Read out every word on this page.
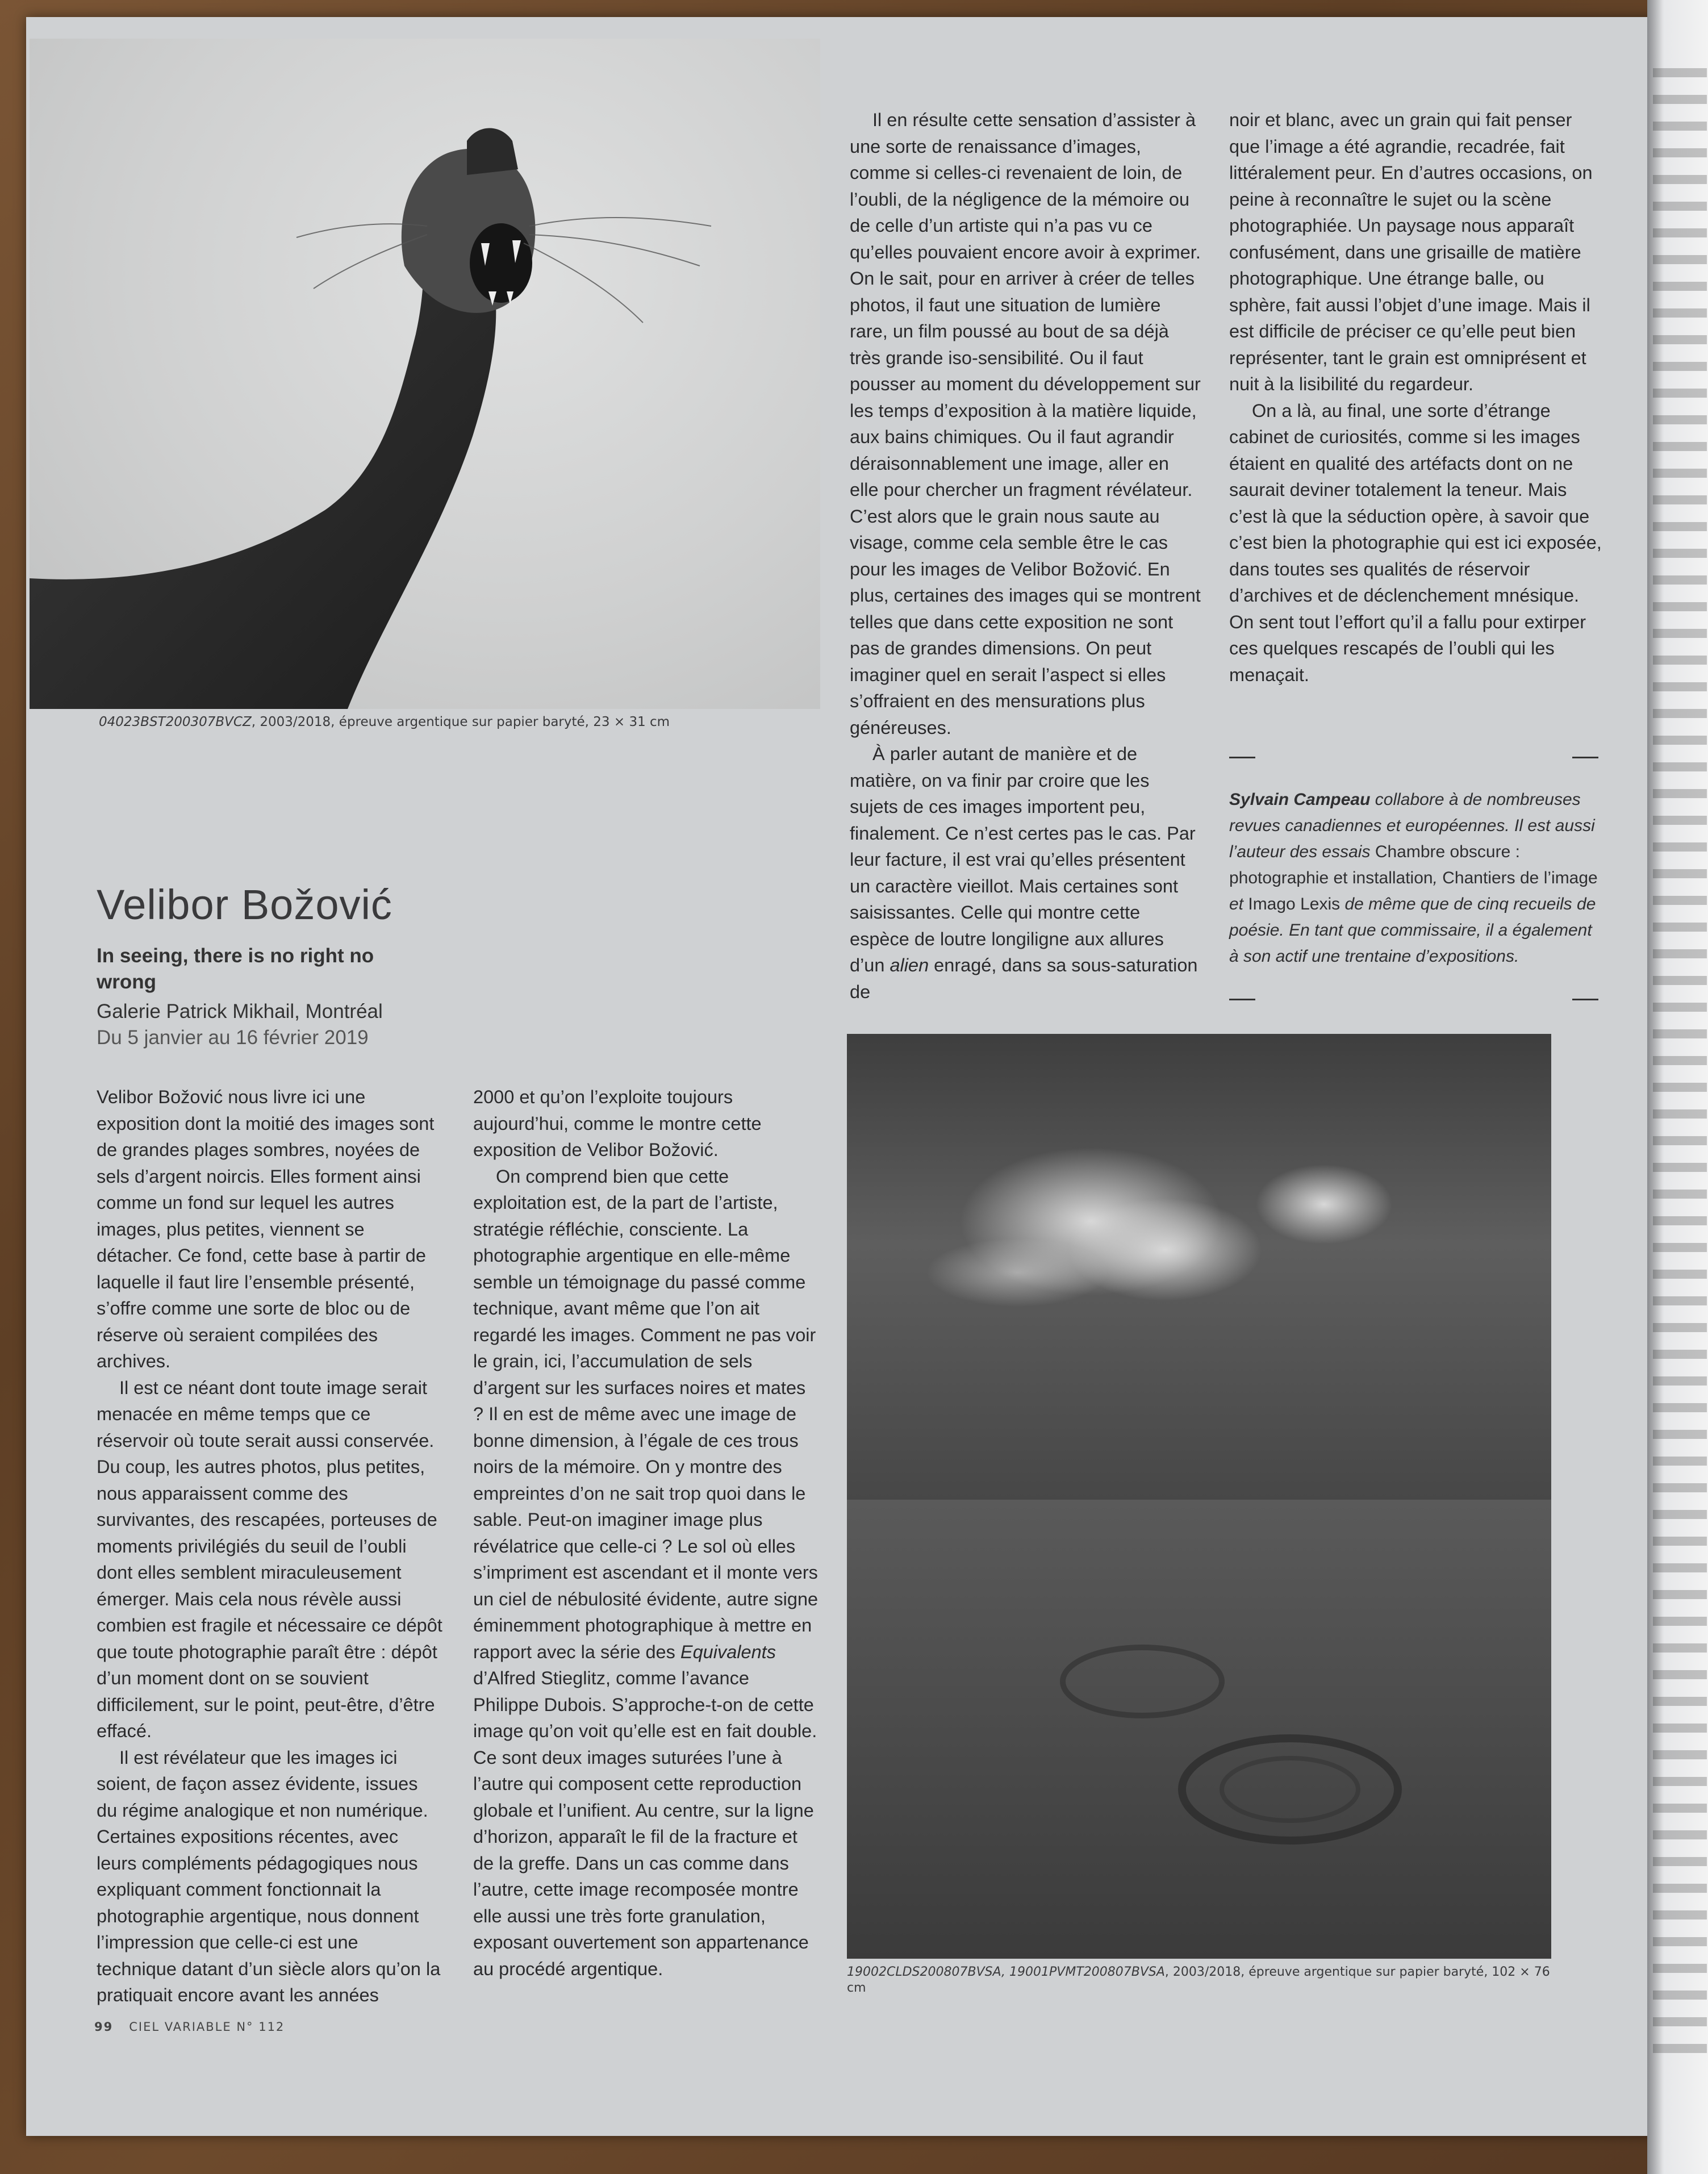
04023BST200307BVCZ, 2003/2018, épreuve argentique sur papier baryté, 23 × 31 cm
Velibor Božović
In seeing, there is no right no wrong
Galerie Patrick Mikhail, Montréal
Du 5 janvier au 16 février 2019

Velibor Božović nous livre ici une exposition dont la moitié des images sont de grandes plages sombres, noyées de sels d’argent noircis. Elles forment ainsi comme un fond sur lequel les autres images, plus petites, viennent se détacher. Ce fond, cette base à partir de laquelle il faut lire l’ensemble présenté, s’offre comme une sorte de bloc ou de réserve où seraient compilées des archives.

Il est ce néant dont toute image serait menacée en même temps que ce réservoir où toute serait aussi conservée. Du coup, les autres photos, plus petites, nous apparaissent comme des survivantes, des rescapées, porteuses de moments privilégiés du seuil de l’oubli dont elles semblent miraculeusement émerger. Mais cela nous révèle aussi combien est fragile et nécessaire ce dépôt que toute photographie paraît être : dépôt d’un moment dont on se souvient difficilement, sur le point, peut-être, d’être effacé.

Il est révélateur que les images ici soient, de façon assez évidente, issues du régime analogique et non numérique. Certaines expositions récentes, avec leurs compléments pédagogiques nous expliquant comment fonctionnait la photographie argentique, nous donnent l’impression que celle-ci est une technique datant d’un siècle alors qu’on la pratiquait encore avant les années

2000 et qu’on l’exploite toujours aujourd’hui, comme le montre cette exposition de Velibor Božović.

On comprend bien que cette exploitation est, de la part de l’artiste, stratégie réfléchie, consciente. La photographie argentique en elle-même semble un témoignage du passé comme technique, avant même que l’on ait regardé les images. Comment ne pas voir le grain, ici, l’accumulation de sels d’argent sur les surfaces noires et mates ? Il en est de même avec une image de bonne dimension, à l’égale de ces trous noirs de la mémoire. On y montre des empreintes d’on ne sait trop quoi dans le sable. Peut-on imaginer image plus révélatrice que celle-ci ? Le sol où elles s’impriment est ascendant et il monte vers un ciel de nébulosité évidente, autre signe éminemment photographique à mettre en rapport avec la série des Equivalents d’Alfred Stieglitz, comme l’avance Philippe Dubois. S’approche-t-on de cette image qu’on voit qu’elle est en fait double. Ce sont deux images suturées l’une à l’autre qui composent cette reproduction globale et l’unifient. Au centre, sur la ligne d’horizon, apparaît le fil de la fracture et de la greffe. Dans un cas comme dans l’autre, cette image recomposée montre elle aussi une très forte granulation, exposant ouvertement son appartenance au procédé argentique.

Il en résulte cette sensation d’assister à une sorte de renaissance d’images, comme si celles-ci revenaient de loin, de l’oubli, de la négligence de la mémoire ou de celle d’un artiste qui n’a pas vu ce qu’elles pouvaient encore avoir à exprimer. On le sait, pour en arriver à créer de telles photos, il faut une situation de lumière rare, un film poussé au bout de sa déjà très grande iso-sensibilité. Ou il faut pousser au moment du développement sur les temps d’exposition à la matière liquide, aux bains chimiques. Ou il faut agrandir déraisonnablement une image, aller en elle pour chercher un fragment révélateur. C’est alors que le grain nous saute au visage, comme cela semble être le cas pour les images de Velibor Božović. En plus, certaines des images qui se montrent telles que dans cette exposition ne sont pas de grandes dimensions. On peut imaginer quel en serait l’aspect si elles s’offraient en des mensurations plus généreuses.

À parler autant de manière et de matière, on va finir par croire que les sujets de ces images importent peu, finalement. Ce n’est certes pas le cas. Par leur facture, il est vrai qu’elles présentent un caractère vieillot. Mais certaines sont saisissantes. Celle qui montre cette espèce de loutre longiligne aux allures d’un alien enragé, dans sa sous-saturation de

noir et blanc, avec un grain qui fait penser que l’image a été agrandie, recadrée, fait littéralement peur. En d’autres occasions, on peine à reconnaître le sujet ou la scène photographiée. Un paysage nous apparaît confusément, dans une grisaille de matière photographique. Une étrange balle, ou sphère, fait aussi l’objet d’une image. Mais il est difficile de préciser ce qu’elle peut bien représenter, tant le grain est omniprésent et nuit à la lisibilité du regardeur.

On a là, au final, une sorte d’étrange cabinet de curiosités, comme si les images étaient en qualité des artéfacts dont on ne saurait deviner totalement la teneur. Mais c’est là que la séduction opère, à savoir que c’est bien la photographie qui est ici exposée, dans toutes ses qualités de réservoir d’archives et de déclenchement mnésique. On sent tout l’effort qu’il a fallu pour extirper ces quelques rescapés de l’oubli qui les menaçait.

Sylvain Campeau collabore à de nombreuses revues canadiennes et européennes. Il est aussi l’auteur des essais Chambre obscure : photographie et installation, Chantiers de l’image et Imago Lexis de même que de cinq recueils de poésie. En tant que commissaire, il a également à son actif une trentaine d’expositions.
19002CLDS200807BVSA, 19001PVMT200807BVSA, 2003/2018, épreuve argentique sur papier baryté, 102 × 76 cm
99 CIEL VARIABLE N° 112
